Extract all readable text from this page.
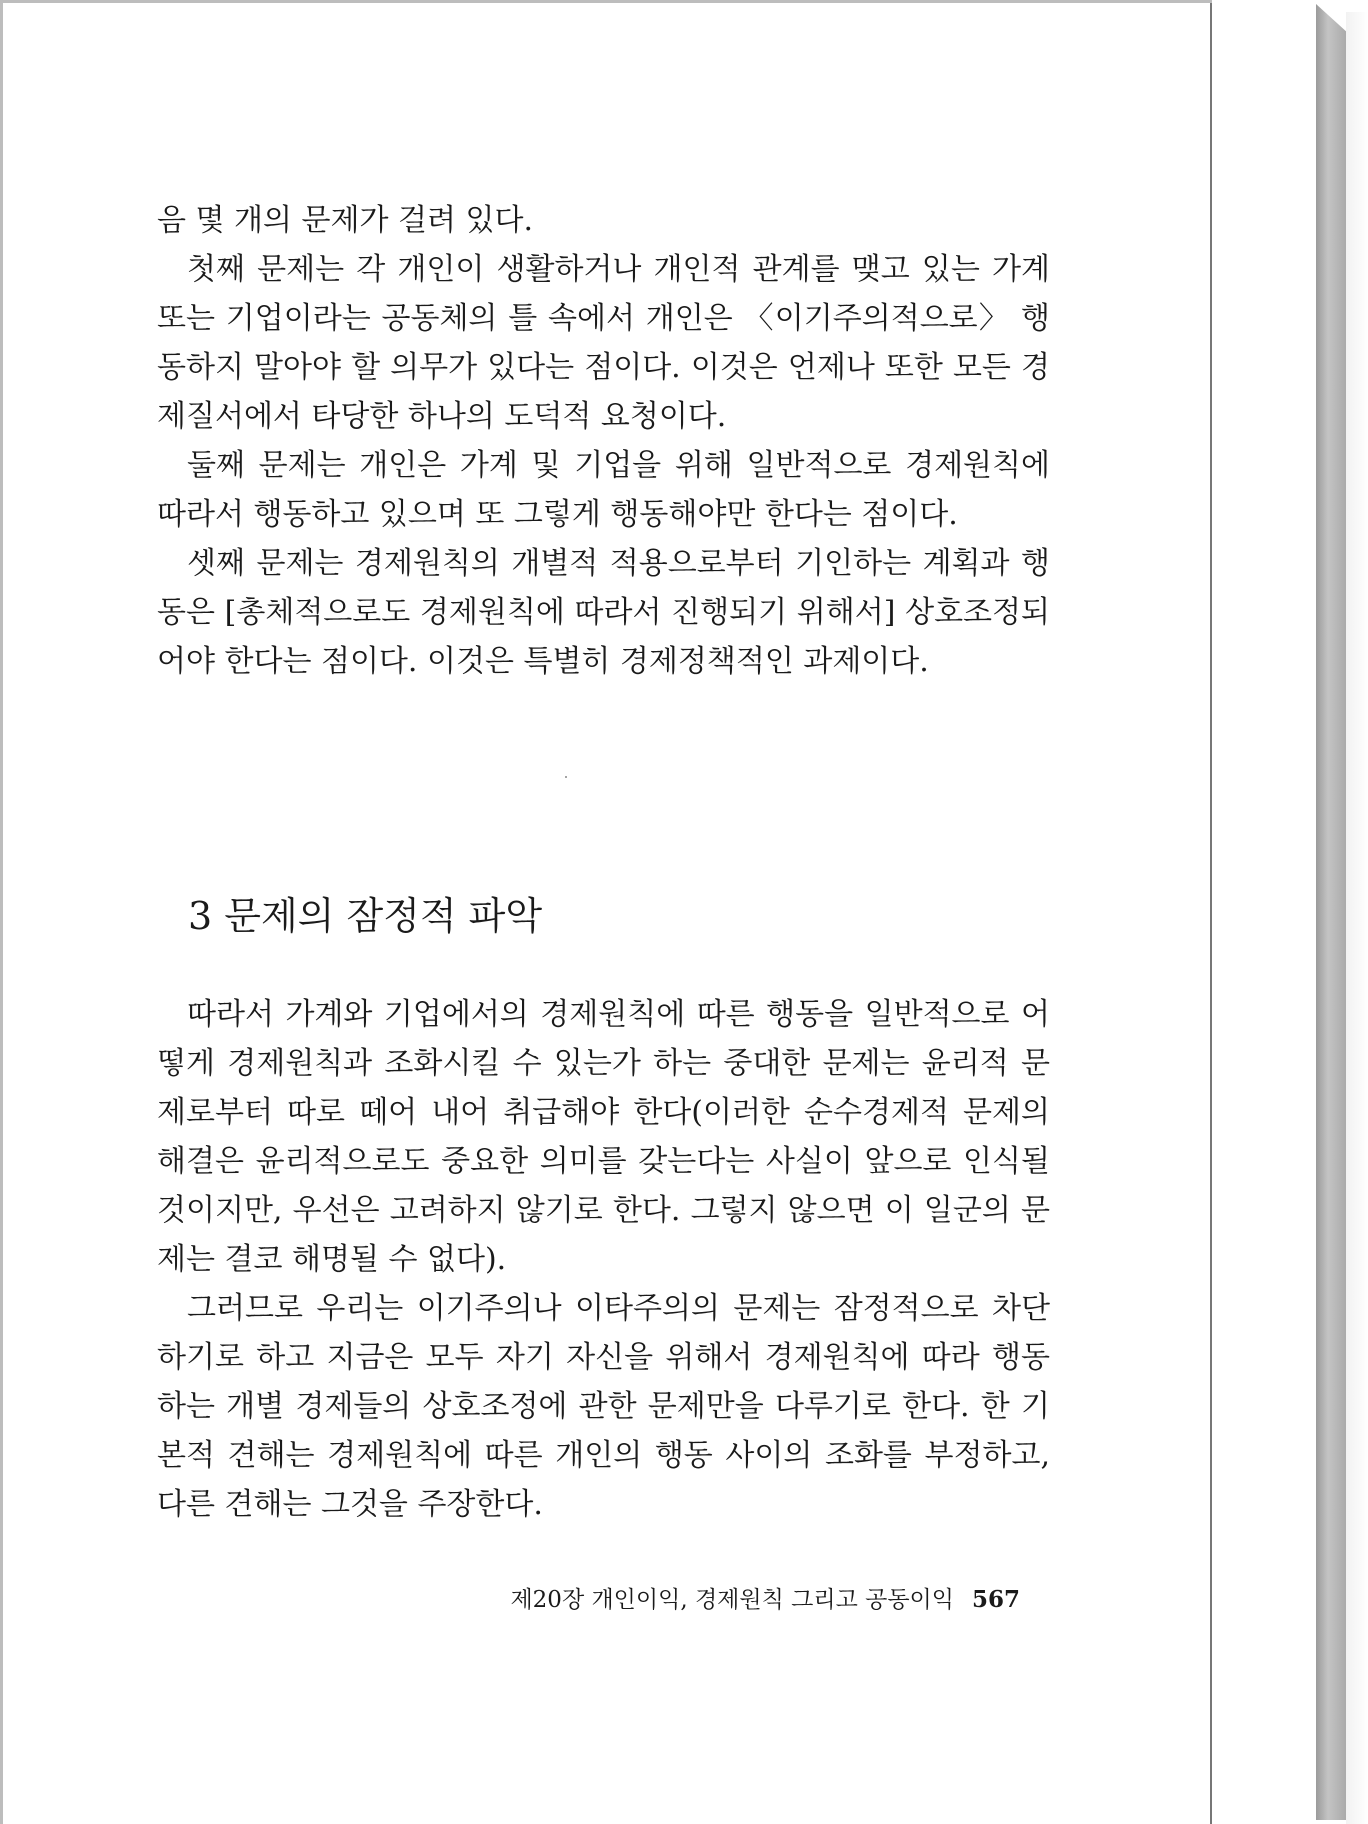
음 몇 개의 문제가 걸려 있다.

첫째 문제는 각 개인이 생활하거나 개인적 관계를 맺고 있는 가계 또는 기업이라는 공동체의 틀 속에서 개인은 〈이기주의적으로〉 행동하지 말아야 할 의무가 있다는 점이다. 이것은 언제나 또한 모든 경제질서에서 타당한 하나의 도덕적 요청이다.

둘째 문제는 개인은 가계 및 기업을 위해 일반적으로 경제원칙에 따라서 행동하고 있으며 또 그렇게 행동해야만 한다는 점이다.

셋째 문제는 경제원칙의 개별적 적용으로부터 기인하는 계획과 행동은 [총체적으로도 경제원칙에 따라서 진행되기 위해서] 상호조정되어야 한다는 점이다. 이것은 특별히 경제정책적인 과제이다.

3 문제의 잠정적 파악

따라서 가계와 기업에서의 경제원칙에 따른 행동을 일반적으로 어떻게 경제원칙과 조화시킬 수 있는가 하는 중대한 문제는 윤리적 문제로부터 따로 떼어 내어 취급해야 한다(이러한 순수경제적 문제의 해결은 윤리적으로도 중요한 의미를 갖는다는 사실이 앞으로 인식될 것이지만, 우선은 고려하지 않기로 한다. 그렇지 않으면 이 일군의 문제는 결코 해명될 수 없다).

그러므로 우리는 이기주의나 이타주의의 문제는 잠정적으로 차단하기로 하고 지금은 모두 자기 자신을 위해서 경제원칙에 따라 행동하는 개별 경제들의 상호조정에 관한 문제만을 다루기로 한다. 한 기본적 견해는 경제원칙에 따른 개인의 행동 사이의 조화를 부정하고, 다른 견해는 그것을 주장한다.

제20장 개인이익, 경제원칙 그리고 공동이익 567
